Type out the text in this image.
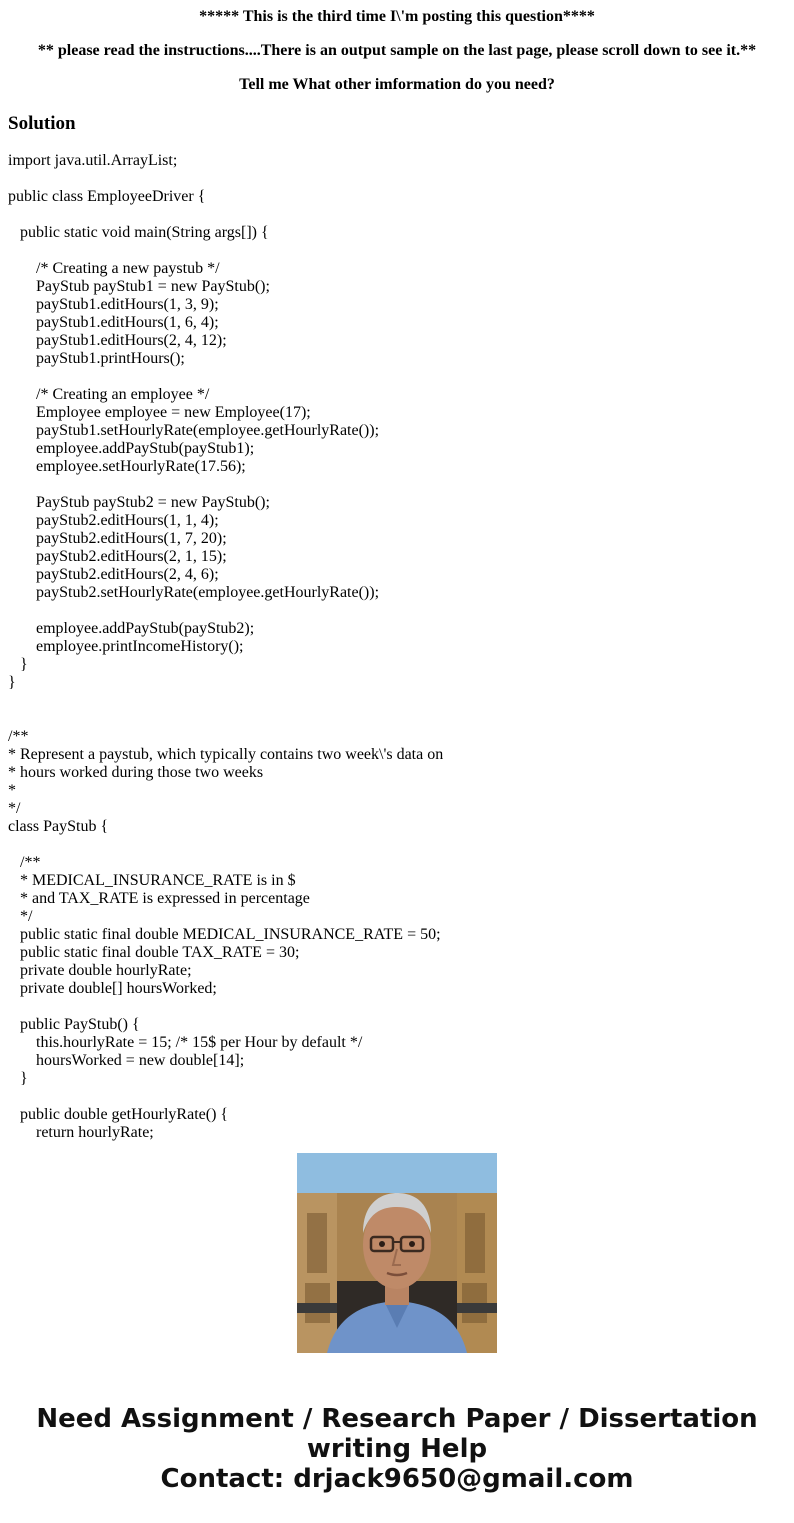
***** This is the third time I\'m posting this question****

** please read the instructions....There is an output sample on the last page, please scroll down to see it.**

Tell me What other imformation do you need?

Solution
import java.util.ArrayList;
public class EmployeeDriver {
public static void main(String args[]) {
/* Creating a new paystub */
PayStub payStub1 = new PayStub();
payStub1.editHours(1, 3, 9);
payStub1.editHours(1, 6, 4);
payStub1.editHours(2, 4, 12);
payStub1.printHours();
/* Creating an employee */
Employee employee = new Employee(17);
payStub1.setHourlyRate(employee.getHourlyRate());
employee.addPayStub(payStub1);
employee.setHourlyRate(17.56);
PayStub payStub2 = new PayStub();
payStub2.editHours(1, 1, 4);
payStub2.editHours(1, 7, 20);
payStub2.editHours(2, 1, 15);
payStub2.editHours(2, 4, 6);
payStub2.setHourlyRate(employee.getHourlyRate());
employee.addPayStub(payStub2);
employee.printIncomeHistory();
}
}
/**
* Represent a paystub, which typically contains two week\'s data on
* hours worked during those two weeks
*
*/
class PayStub {
/**
* MEDICAL_INSURANCE_RATE is in $
* and TAX_RATE is expressed in percentage
*/
public static final double MEDICAL_INSURANCE_RATE = 50;
public static final double TAX_RATE = 30;
private double hourlyRate;
private double[] hoursWorked;
public PayStub() {
this.hourlyRate = 15; /* 15$ per Hour by default */
hoursWorked = new double[14];
}
public double getHourlyRate() {
return hourlyRate;
Need Assignment / Research Paper / Dissertation
writing Help
Contact: drjack9650@gmail.com
